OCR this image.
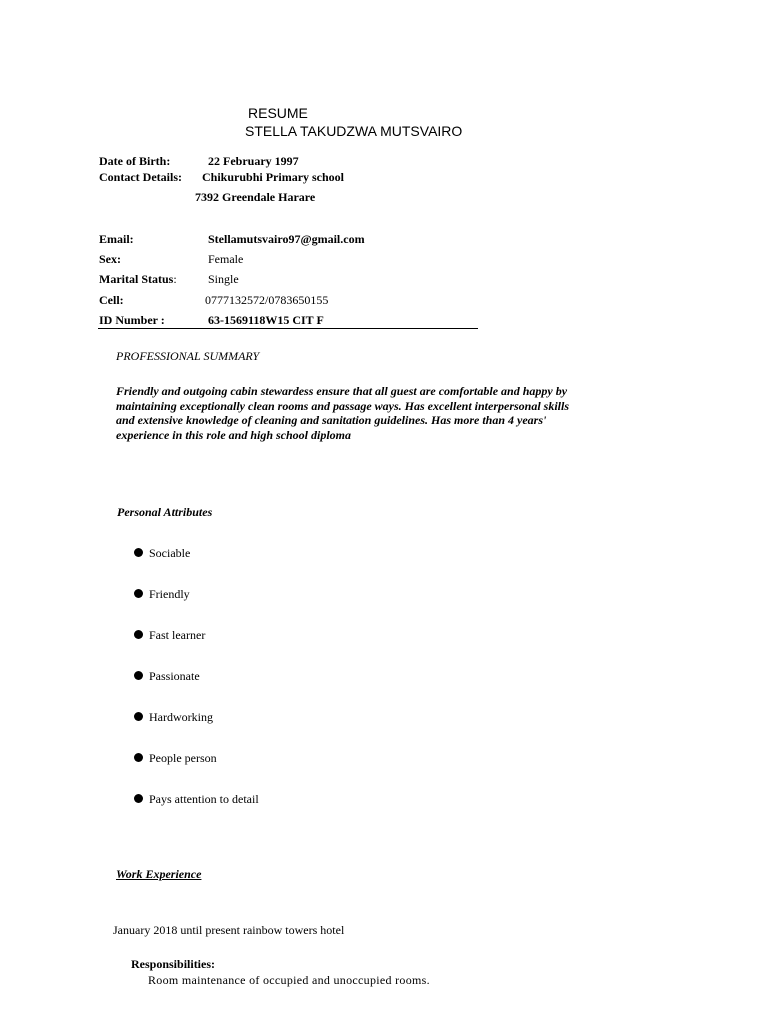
RESUME
STELLA TAKUDZWA MUTSVAIRO
Date of Birth:	22 February 1997
Contact Details: Chikurubhi Primary school
7392 Greendale Harare
Email:	Stellamutsvairo97@gmail.com
Sex:	Female
Marital Status:	Single
Cell:	0777132572/0783650155
ID Number :	63-1569118W15 CIT F
PROFESSIONAL SUMMARY
Friendly and outgoing cabin stewardess ensure that all guest are comfortable and happy by maintaining exceptionally clean rooms and passage ways. Has excellent interpersonal skills and extensive knowledge of cleaning and sanitation guidelines. Has more than 4 years' experience in this role and high school diploma
Personal Attributes
Sociable
Friendly
Fast learner
Passionate
Hardworking
People person
Pays attention to detail
Work Experience
January 2018 until present rainbow towers hotel
Responsibilities:
Room maintenance of occupied and unoccupied rooms.
